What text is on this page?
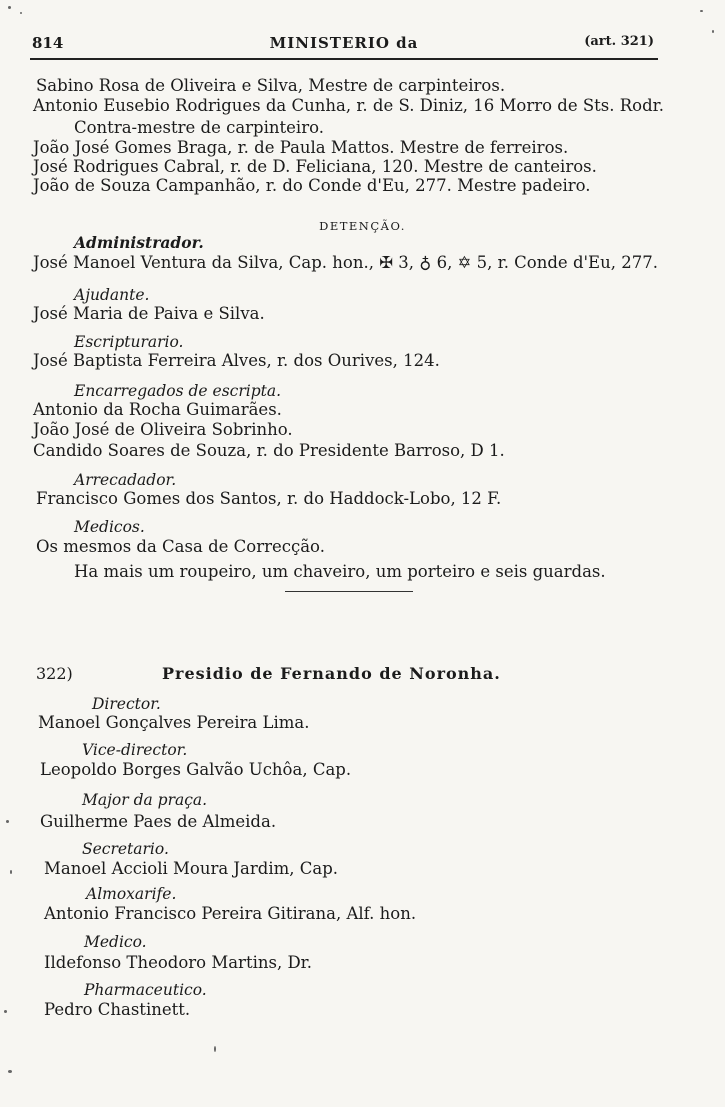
814	MINISTERIO da	(art. 321)
Sabino Rosa de Oliveira e Silva, Mestre de carpinteiros.
Antonio Eusebio Rodrigues da Cunha, r. de S. Diniz, 16 Morro de Sts. Rodr.
Contra-mestre de carpinteiro.
João José Gomes Braga, r. de Paula Mattos. Mestre de ferreiros.
José Rodrigues Cabral, r. de D. Feliciana, 120. Mestre de canteiros.
João de Souza Campanhão, r. do Conde d'Eu, 277. Mestre padeiro.
DETENÇÃO.
Administrador.
José Manoel Ventura da Silva, Cap. hon., ✠ 3, ♁ 6, ✡ 5, r. Conde d'Eu, 277.
Ajudante.
José Maria de Paiva e Silva.
Escripturario.
José Baptista Ferreira Alves, r. dos Ourives, 124.
Encarregados de escripta.
Antonio da Rocha Guimarães.
João José de Oliveira Sobrinho.
Candido Soares de Souza, r. do Presidente Barroso, D 1.
Arrecadador.
Francisco Gomes dos Santos, r. do Haddock-Lobo, 12 F.
Medicos.
Os mesmos da Casa de Correcção.
Ha mais um roupeiro, um chaveiro, um porteiro e seis guardas.
322)	Presidio de Fernando de Noronha.
Director.
Manoel Gonçalves Pereira Lima.
Vice-director.
Leopoldo Borges Galvão Uchôa, Cap.
Major da praça.
Guilherme Paes de Almeida.
Secretario.
Manoel Accioli Moura Jardim, Cap.
Almoxarife.
Antonio Francisco Pereira Gitirana, Alf. hon.
Medico.
Ildefonso Theodoro Martins, Dr.
Pharmaceutico.
Pedro Chastinett.
